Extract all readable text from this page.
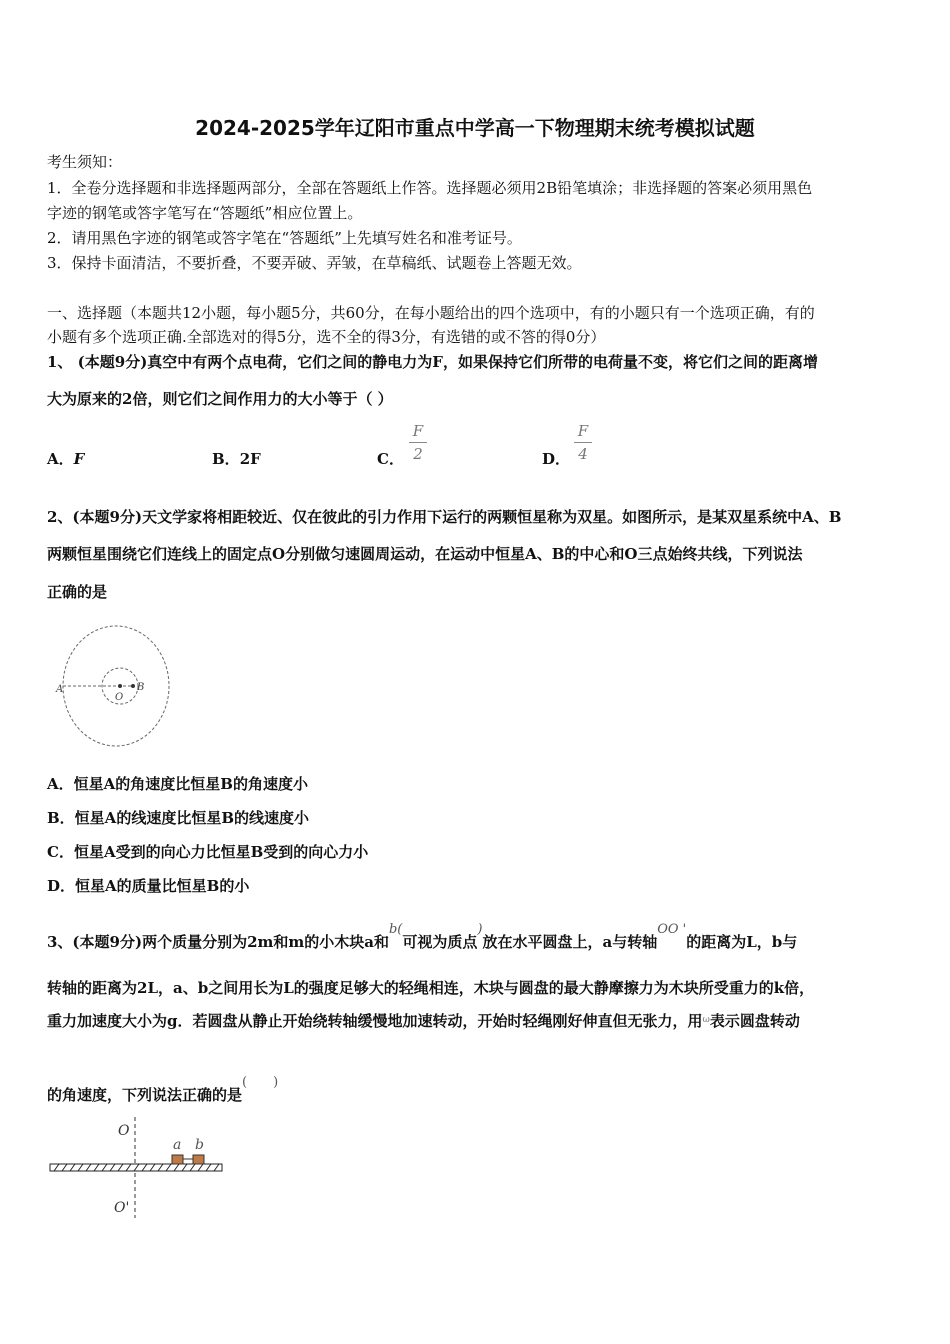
2024-2025学年辽阳市重点中学高一下物理期末统考模拟试题
考生须知：
1．全卷分选择题和非选择题两部分，全部在答题纸上作答。选择题必须用2B铅笔填涂；非选择题的答案必须用黑色
字迹的钢笔或答字笔写在“答题纸”相应位置上。
2．请用黑色字迹的钢笔或答字笔在“答题纸”上先填写姓名和准考证号。
3．保持卡面清洁，不要折叠，不要弄破、弄皱，在草稿纸、试题卷上答题无效。
一、选择题（本题共12小题，每小题5分，共60分，在每小题给出的四个选项中，有的小题只有一个选项正确，有的
小题有多个选项正确.全部选对的得5分，选不全的得3分，有选错的或不答的得0分）
1、 (本题9分)真空中有两个点电荷，它们之间的静电力为F，如果保持它们所带的电荷量不变，将它们之间的距离增
大为原来的2倍，则它们之间作用力的大小等于（ ）
A．F	B．2F	C．
F
2	D．
F
4
2、(本题9分)天文学家将相距较近、仅在彼此的引力作用下运行的两颗恒星称为双星。如图所示，是某双星系统中A、B
两颗恒星围绕它们连线上的固定点O分别做匀速圆周运动，在运动中恒星A、B的中心和O三点始终共线，下列说法
正确的是
A
O
B
A．恒星A的角速度比恒星B的角速度小
B．恒星A的线速度比恒星B的线速度小
C．恒星A受到的向心力比恒星B受到的向心力小
D．恒星A的质量比恒星B的小
3、(本题9分)两个质量分别为2m和m的小木块a和b(可视为质点)放在水平圆盘上，a与转轴OO '的距离为L，b与
转轴的距离为2L，a、b之间用长为L的强度足够大的轻绳相连，木块与圆盘的最大静摩擦力为木块所受重力的k倍，
重力加速度大小为g．若圆盘从静止开始绕转轴缓慢地加速转动，开始时轻绳刚好伸直但无张力，用$^\omega$表示圆盘转动
的角速度，下列说法正确的是(　　)
O
O'
a b
